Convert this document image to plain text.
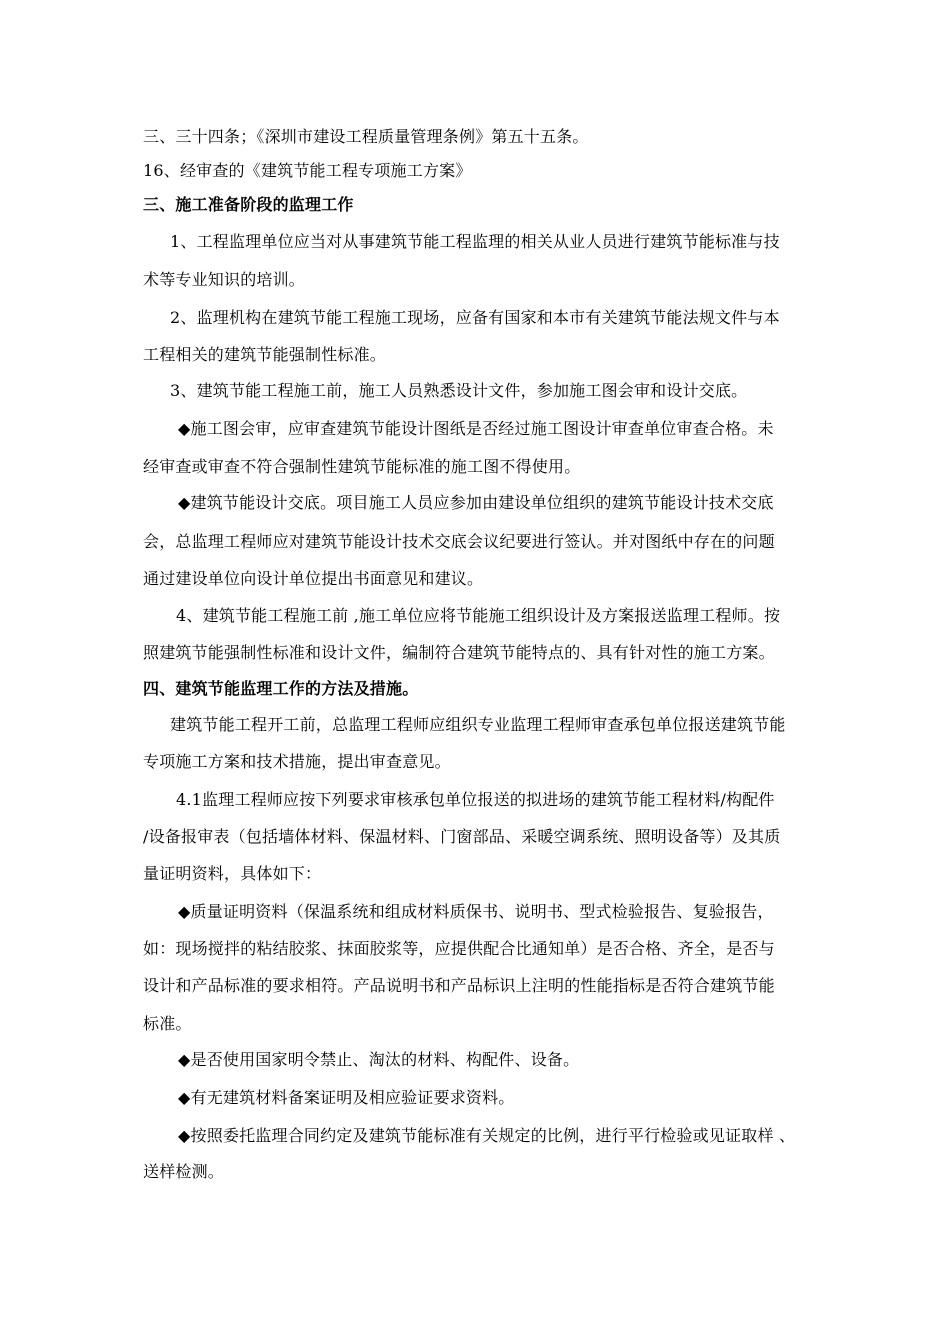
三、三十四条；《深圳市建设工程质量管理条例》第五十五条。
16、经审查的《建筑节能工程专项施工方案》
三、施工准备阶段的监理工作
1、工程监理单位应当对从事建筑节能工程监理的相关从业人员进行建筑节能标准与技
术等专业知识的培训。
2、监理机构在建筑节能工程施工现场，应备有国家和本市有关建筑节能法规文件与本
工程相关的建筑节能强制性标准。
3、建筑节能工程施工前，施工人员熟悉设计文件，参加施工图会审和设计交底。
◆施工图会审，应审查建筑节能设计图纸是否经过施工图设计审查单位审查合格。未
经审查或审查不符合强制性建筑节能标准的施工图不得使用。
◆建筑节能设计交底。项目施工人员应参加由建设单位组织的建筑节能设计技术交底
会，总监理工程师应对建筑节能设计技术交底会议纪要进行签认。并对图纸中存在的问题
通过建设单位向设计单位提出书面意见和建议。
4、建筑节能工程施工前 ,施工单位应将节能施工组织设计及方案报送监理工程师。按
照建筑节能强制性标准和设计文件，编制符合建筑节能特点的、具有针对性的施工方案。
四、建筑节能监理工作的方法及措施。
建筑节能工程开工前，总监理工程师应组织专业监理工程师审查承包单位报送建筑节能
专项施工方案和技术措施，提出审查意见。
4.1监理工程师应按下列要求审核承包单位报送的拟进场的建筑节能工程材料/构配件
/设备报审表（包括墙体材料、保温材料、门窗部品、采暖空调系统、照明设备等）及其质
量证明资料，具体如下：
◆质量证明资料（保温系统和组成材料质保书、说明书、型式检验报告、复验报告，
如：现场搅拌的粘结胶浆、抹面胶浆等，应提供配合比通知单）是否合格、齐全，是否与
设计和产品标准的要求相符。产品说明书和产品标识上注明的性能指标是否符合建筑节能
标准。
◆是否使用国家明令禁止、淘汰的材料、构配件、设备。
◆有无建筑材料备案证明及相应验证要求资料。
◆按照委托监理合同约定及建筑节能标准有关规定的比例，进行平行检验或见证取样 、
送样检测。
